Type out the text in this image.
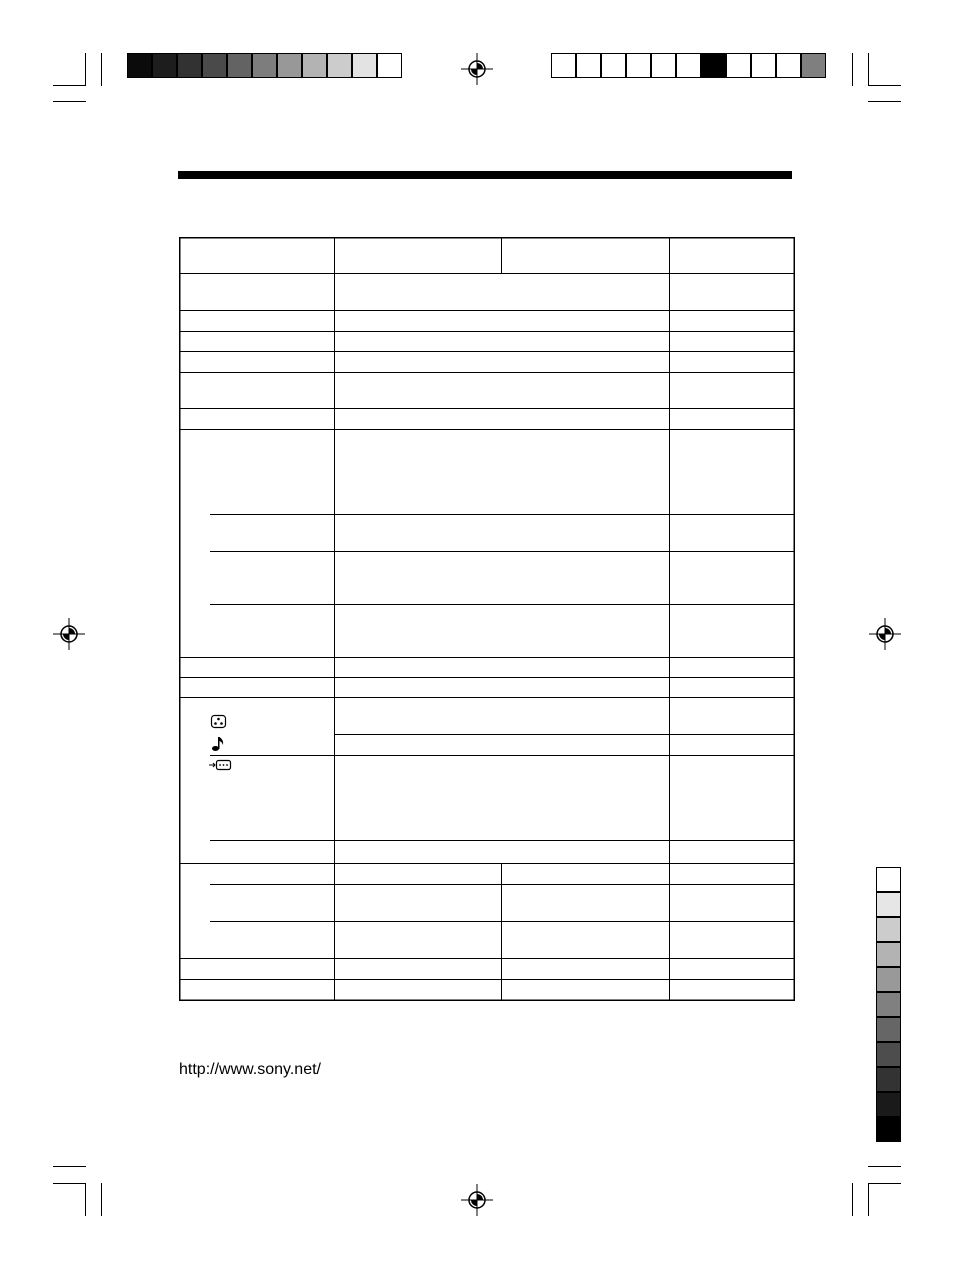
http://www.sony.net/
